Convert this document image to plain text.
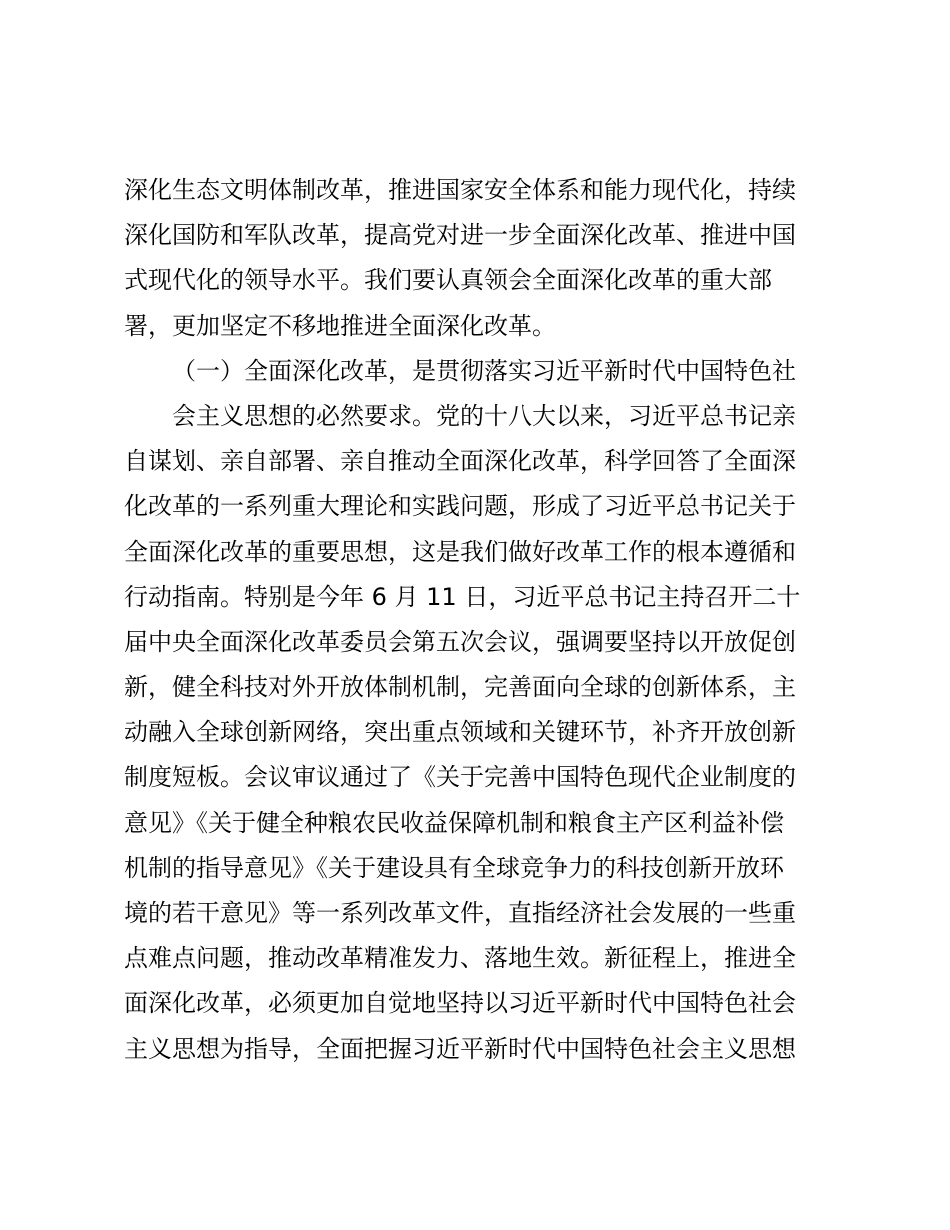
深化生态文明体制改革，推进国家安全体系和能力现代化，持续
深化国防和军队改革，提高党对进一步全面深化改革、推进中国
式现代化的领导水平。我们要认真领会全面深化改革的重大部
署，更加坚定不移地推进全面深化改革。
（一）全面深化改革，是贯彻落实习近平新时代中国特色社
会主义思想的必然要求。党的十八大以来，习近平总书记亲
自谋划、亲自部署、亲自推动全面深化改革，科学回答了全面深
化改革的一系列重大理论和实践问题，形成了习近平总书记关于
全面深化改革的重要思想，这是我们做好改革工作的根本遵循和
行动指南。特别是今年 6 月 11 日，习近平总书记主持召开二十
届中央全面深化改革委员会第五次会议，强调要坚持以开放促创
新，健全科技对外开放体制机制，完善面向全球的创新体系，主
动融入全球创新网络，突出重点领域和关键环节，补齐开放创新
制度短板。会议审议通过了《关于完善中国特色现代企业制度的
意见》《关于健全种粮农民收益保障机制和粮食主产区利益补偿
机制的指导意见》《关于建设具有全球竞争力的科技创新开放环
境的若干意见》等一系列改革文件，直指经济社会发展的一些重
点难点问题，推动改革精准发力、落地生效。新征程上，推进全
面深化改革，必须更加自觉地坚持以习近平新时代中国特色社会
主义思想为指导，全面把握习近平新时代中国特色社会主义思想
